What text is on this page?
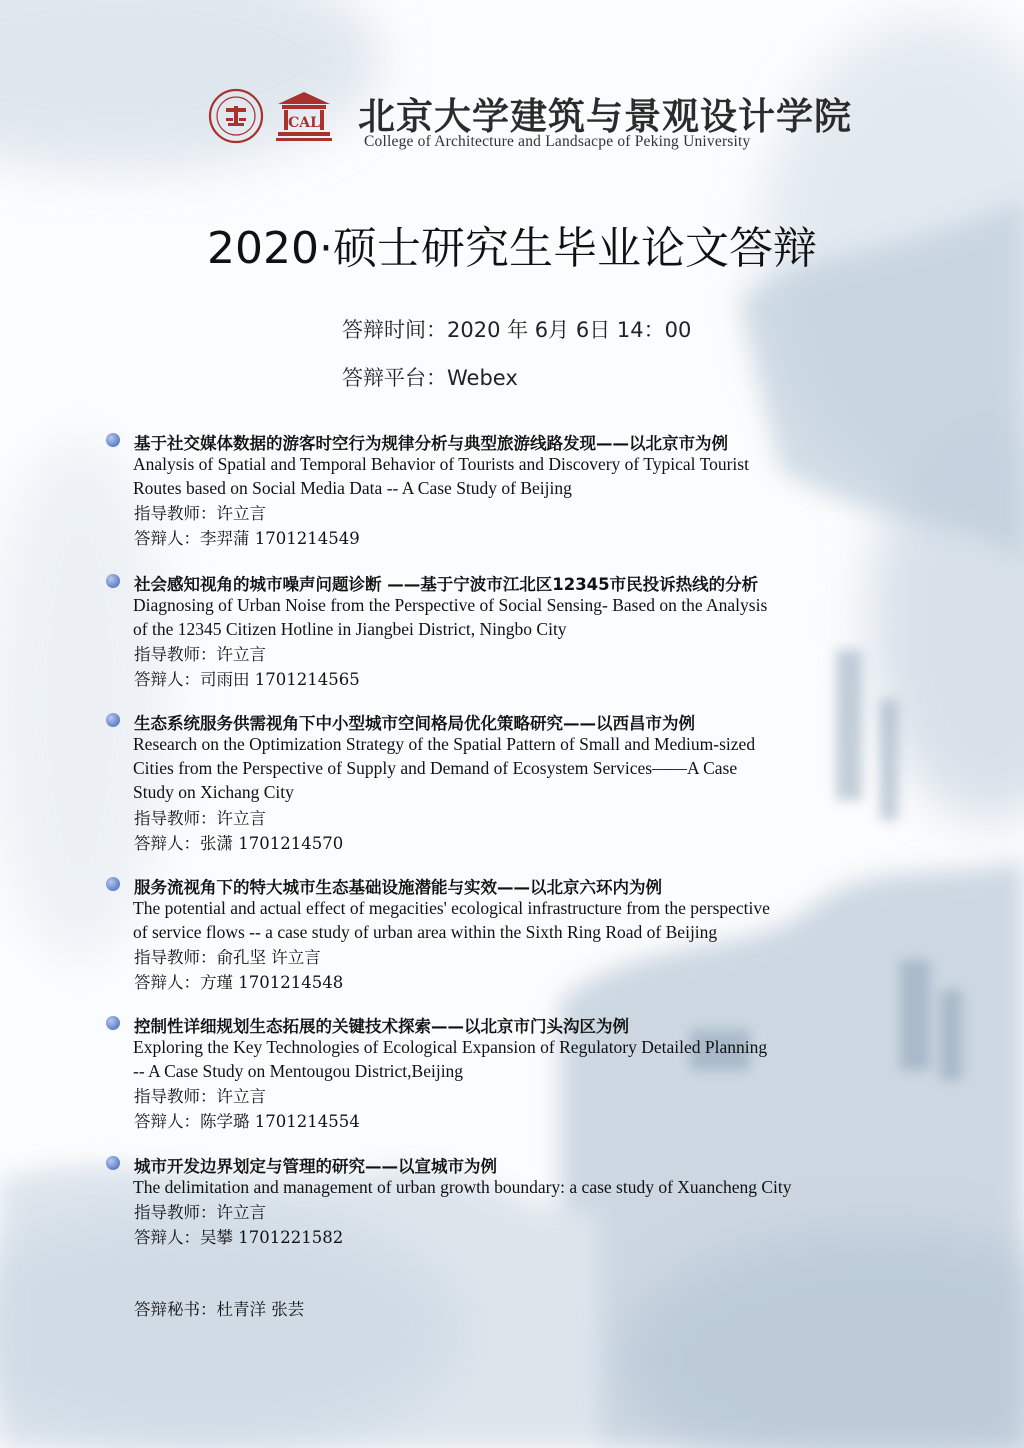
CAL 北京大学建筑与景观设计学院
College of Architecture and Landsacpe of Peking University
2020·硕士研究生毕业论文答辩
答辩时间：2020 年 6月 6日 14：00
答辩平台：Webex
基于社交媒体数据的游客时空行为规律分析与典型旅游线路发现——以北京市为例
Analysis of Spatial and Temporal Behavior of Tourists and Discovery of Typical Tourist
Routes based on Social Media Data -- A Case Study of Beijing
指导教师：许立言
答辩人：李羿蒲 1701214549
社会感知视角的城市噪声问题诊断 ——基于宁波市江北区12345市民投诉热线的分析
Diagnosing of Urban Noise from the Perspective of Social Sensing- Based on the Analysis
of the 12345 Citizen Hotline in Jiangbei District, Ningbo City
指导教师：许立言
答辩人：司雨田 1701214565
生态系统服务供需视角下中小型城市空间格局优化策略研究——以西昌市为例
Research on the Optimization Strategy of the Spatial Pattern of Small and Medium-sized
Cities from the Perspective of Supply and Demand of Ecosystem Services——A Case
Study on Xichang City
指导教师：许立言
答辩人：张潇 1701214570
服务流视角下的特大城市生态基础设施潜能与实效——以北京六环内为例
The potential and actual effect of megacities' ecological infrastructure from the perspective
of service flows -- a case study of urban area within the Sixth Ring Road of Beijing
指导教师：俞孔坚 许立言
答辩人：方瑾 1701214548
控制性详细规划生态拓展的关键技术探索——以北京市门头沟区为例
Exploring the Key Technologies of Ecological Expansion of Regulatory Detailed Planning
-- A Case Study on Mentougou District,Beijing
指导教师：许立言
答辩人：陈学璐 1701214554
城市开发边界划定与管理的研究——以宣城市为例
The delimitation and management of urban growth boundary: a case study of Xuancheng City
指导教师：许立言
答辩人：吴攀 1701221582
答辩秘书：杜青洋 张芸
